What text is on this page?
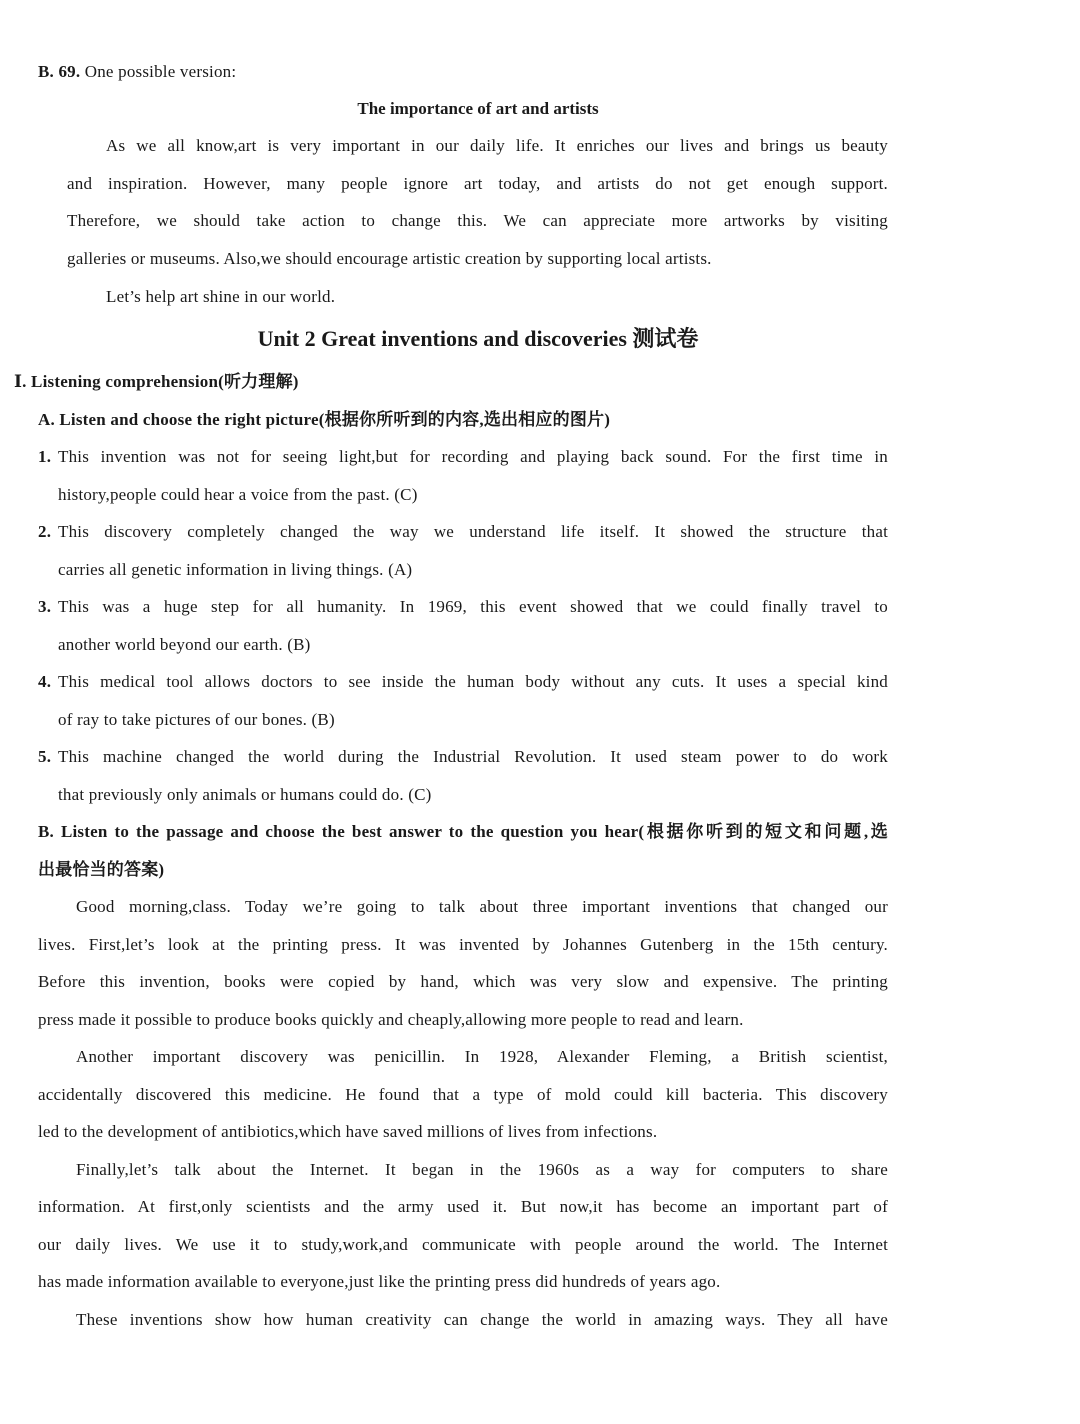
B. 69. One possible version:
The importance of art and artists
As we all know,art is very important in our daily life. It enriches our lives and brings us beauty
and inspiration. However, many people ignore art today, and artists do not get enough support.
Therefore, we should take action to change this. We can appreciate more artworks by visiting
galleries or museums. Also,we should encourage artistic creation by supporting local artists.
Let’s help art shine in our world.
Unit 2 Great inventions and discoveries 测试卷
Ⅰ. Listening comprehension(听力理解)
A. Listen and choose the right picture(根据你所听到的内容,选出相应的图片)
1. This invention was not for seeing light,but for recording and playing back sound. For the first time in
history,people could hear a voice from the past. (C)
2. This discovery completely changed the way we understand life itself. It showed the structure that
carries all genetic information in living things. (A)
3. This was a huge step for all humanity. In 1969, this event showed that we could finally travel to
another world beyond our earth. (B)
4. This medical tool allows doctors to see inside the human body without any cuts. It uses a special kind
of ray to take pictures of our bones. (B)
5. This machine changed the world during the Industrial Revolution. It used steam power to do work
that previously only animals or humans could do. (C)
B. Listen to the passage and choose the best answer to the question you hear(根据你听到的短文和问题,选
出最恰当的答案)
Good morning,class. Today we’re going to talk about three important inventions that changed our
lives. First,let’s look at the printing press. It was invented by Johannes Gutenberg in the 15th century.
Before this invention, books were copied by hand, which was very slow and expensive. The printing
press made it possible to produce books quickly and cheaply,allowing more people to read and learn.
Another important discovery was penicillin. In 1928, Alexander Fleming, a British scientist,
accidentally discovered this medicine. He found that a type of mold could kill bacteria. This discovery
led to the development of antibiotics,which have saved millions of lives from infections.
Finally,let’s talk about the Internet. It began in the 1960s as a way for computers to share
information. At first,only scientists and the army used it. But now,it has become an important part of
our daily lives. We use it to study,work,and communicate with people around the world. The Internet
has made information available to everyone,just like the printing press did hundreds of years ago.
These inventions show how human creativity can change the world in amazing ways. They all have
